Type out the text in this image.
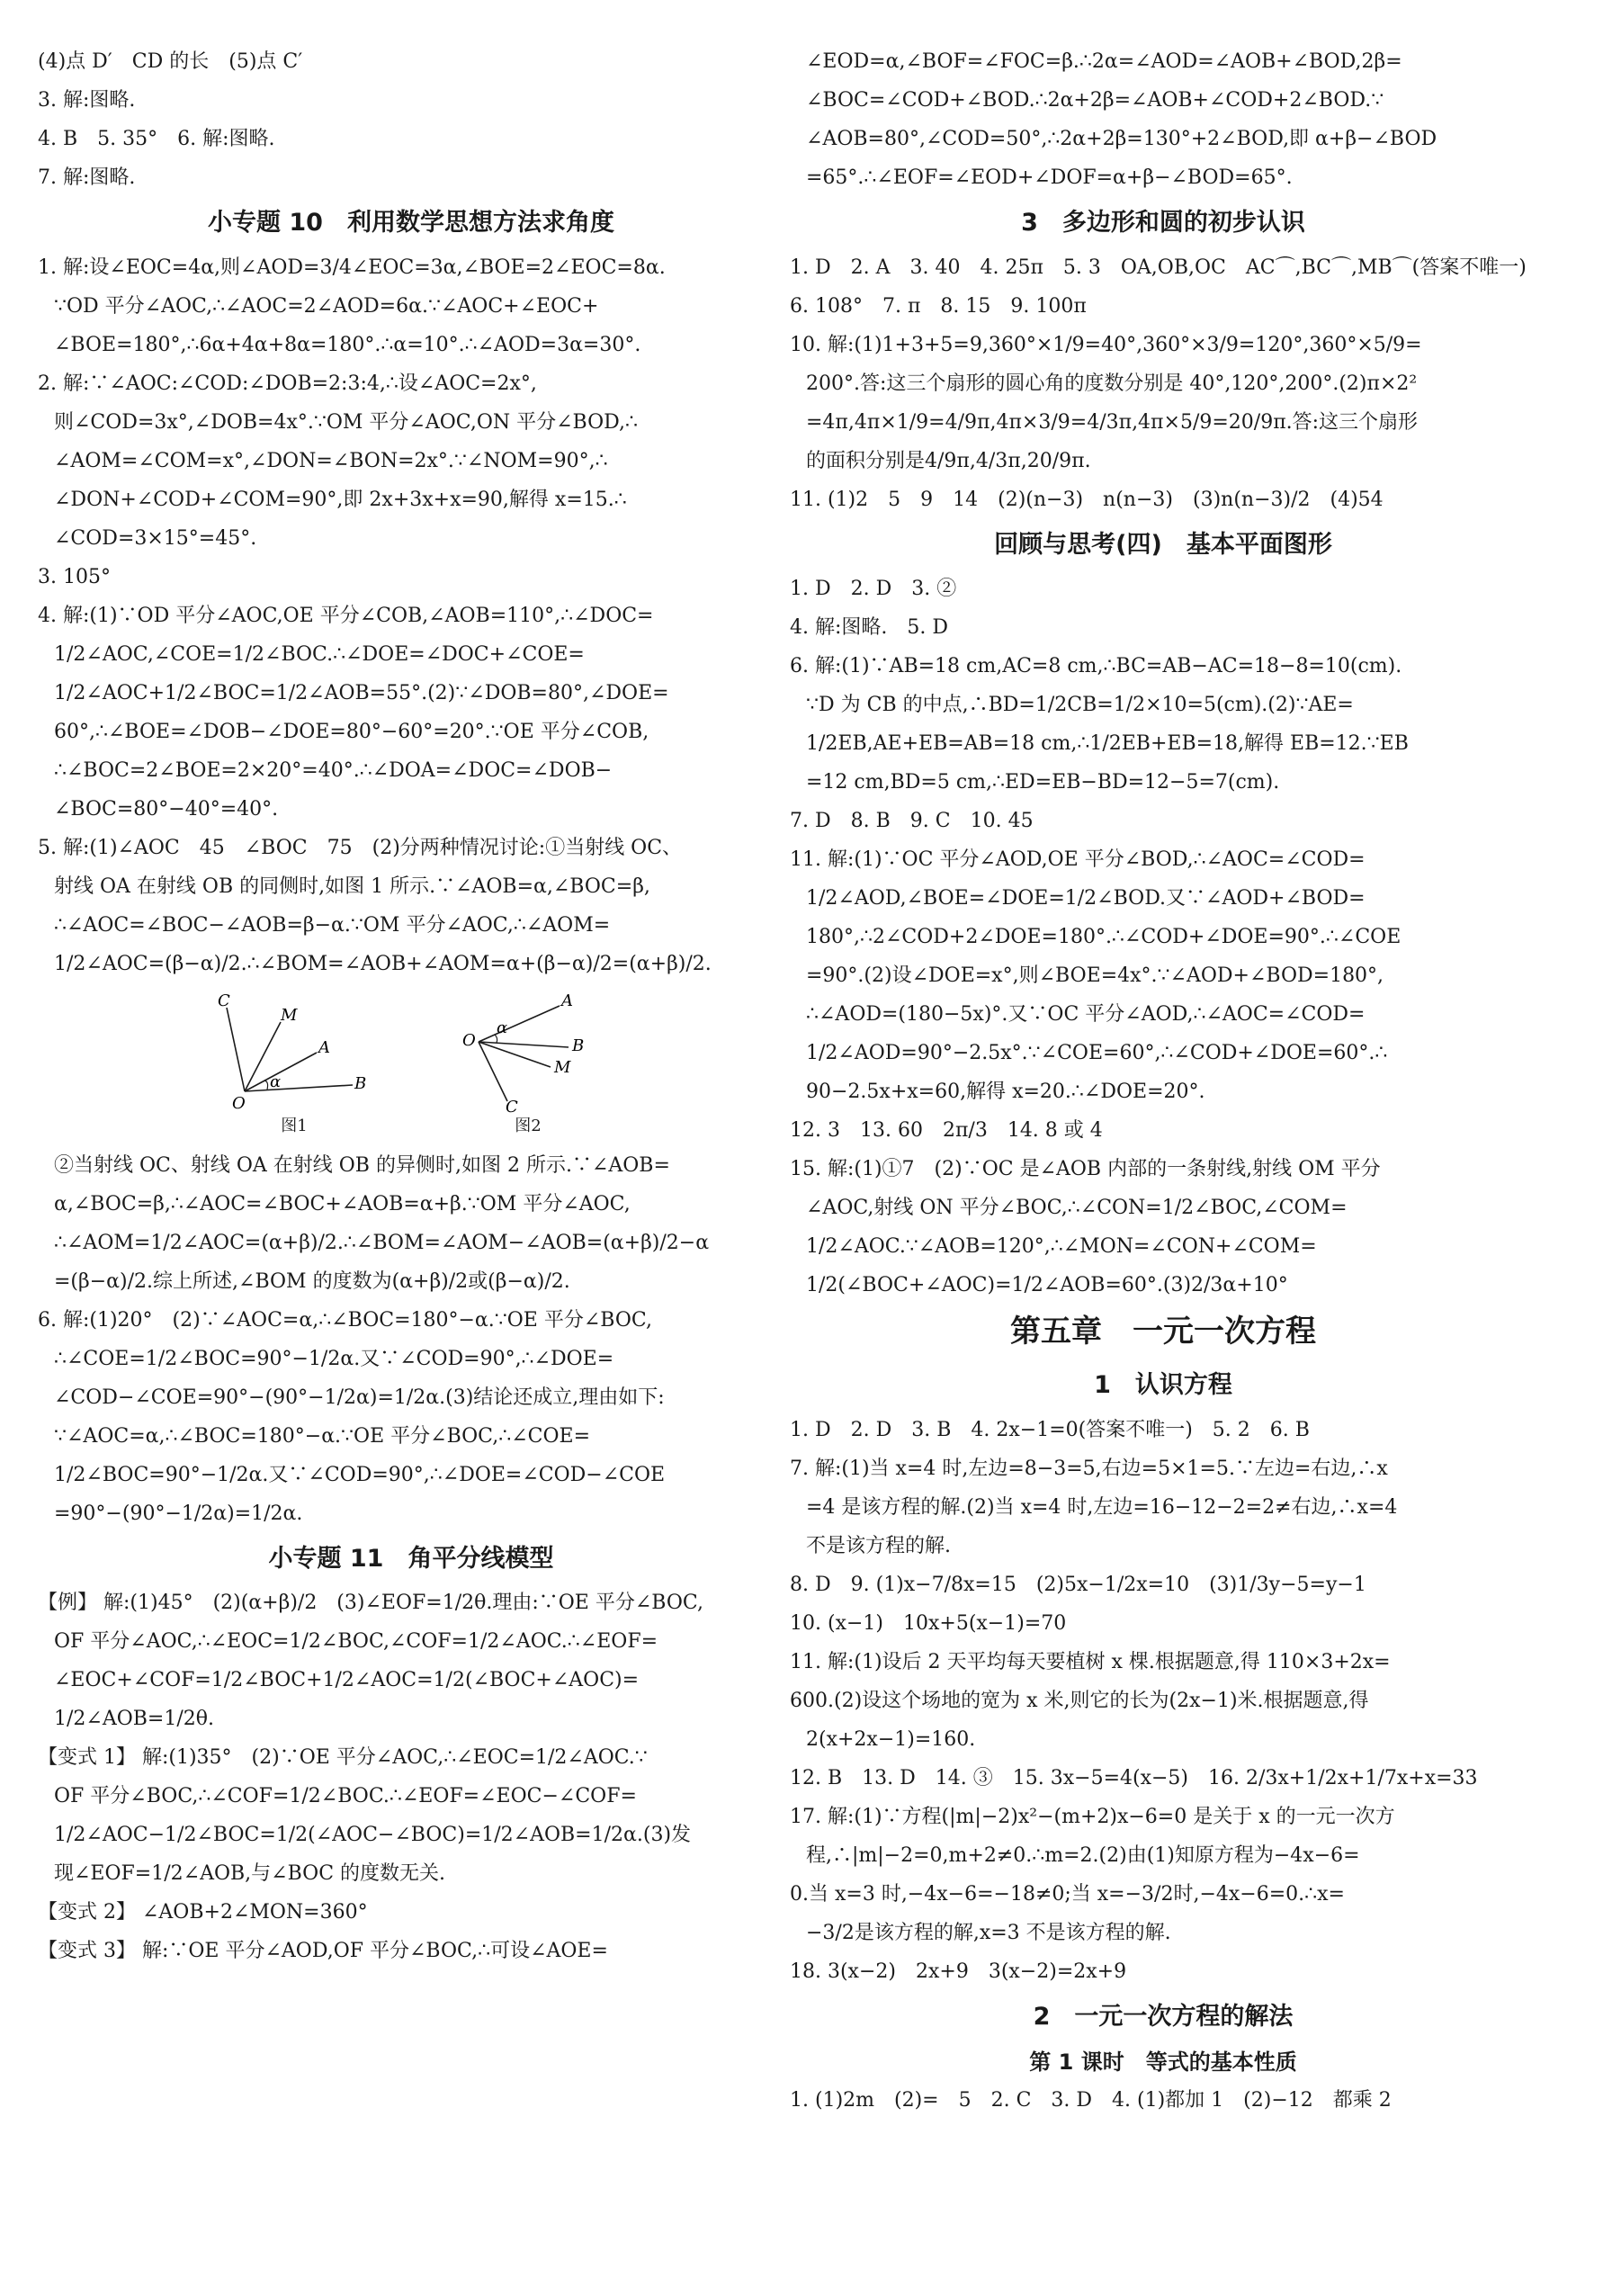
(4)点 D′　CD 的长　(5)点 C′
3. 解:图略.
4. B　5. 35°　6. 解:图略.
7. 解:图略.
小专题 10　利用数学思想方法求角度
1. 解:设∠EOC=4α,则∠AOD=3/4∠EOC=3α,∠BOE=2∠EOC=8α.
∵OD 平分∠AOC,∴∠AOC=2∠AOD=6α.∵∠AOC+∠EOC+
∠BOE=180°,∴6α+4α+8α=180°.∴α=10°.∴∠AOD=3α=30°.
2. 解:∵∠AOC:∠COD:∠DOB=2:3:4,∴设∠AOC=2x°,
则∠COD=3x°,∠DOB=4x°.∵OM 平分∠AOC,ON 平分∠BOD,∴
∠AOM=∠COM=x°,∠DON=∠BON=2x°.∵∠NOM=90°,∴
∠DON+∠COD+∠COM=90°,即 2x+3x+x=90,解得 x=15.∴
∠COD=3×15°=45°.
3. 105°
4. 解:(1)∵OD 平分∠AOC,OE 平分∠COB,∠AOB=110°,∴∠DOC=
1/2∠AOC,∠COE=1/2∠BOC.∴∠DOE=∠DOC+∠COE=
1/2∠AOC+1/2∠BOC=1/2∠AOB=55°.(2)∵∠DOB=80°,∠DOE=
60°,∴∠BOE=∠DOB−∠DOE=80°−60°=20°.∵OE 平分∠COB,
∴∠BOC=2∠BOE=2×20°=40°.∴∠DOA=∠DOC=∠DOB−
∠BOC=80°−40°=40°.
5. 解:(1)∠AOC　45　∠BOC　75　(2)分两种情况讨论:①当射线 OC、
射线 OA 在射线 OB 的同侧时,如图 1 所示.∵∠AOB=α,∠BOC=β,
∴∠AOC=∠BOC−∠AOB=β−α.∵OM 平分∠AOC,∴∠AOM=
1/2∠AOC=(β−α)/2.∴∠BOM=∠AOB+∠AOM=α+(β−α)/2=(α+β)/2.
C
M
A
B
O
α
图1
A
B
M
C
O
α
图2
②当射线 OC、射线 OA 在射线 OB 的异侧时,如图 2 所示.∵∠AOB=
α,∠BOC=β,∴∠AOC=∠BOC+∠AOB=α+β.∵OM 平分∠AOC,
∴∠AOM=1/2∠AOC=(α+β)/2.∴∠BOM=∠AOM−∠AOB=(α+β)/2−α
=(β−α)/2.综上所述,∠BOM 的度数为(α+β)/2或(β−α)/2.
6. 解:(1)20°　(2)∵∠AOC=α,∴∠BOC=180°−α.∵OE 平分∠BOC,
∴∠COE=1/2∠BOC=90°−1/2α.又∵∠COD=90°,∴∠DOE=
∠COD−∠COE=90°−(90°−1/2α)=1/2α.(3)结论还成立,理由如下:
∵∠AOC=α,∴∠BOC=180°−α.∵OE 平分∠BOC,∴∠COE=
1/2∠BOC=90°−1/2α.又∵∠COD=90°,∴∠DOE=∠COD−∠COE
=90°−(90°−1/2α)=1/2α.
小专题 11　角平分线模型
【例】 解:(1)45°　(2)(α+β)/2　(3)∠EOF=1/2θ.理由:∵OE 平分∠BOC,
OF 平分∠AOC,∴∠EOC=1/2∠BOC,∠COF=1/2∠AOC.∴∠EOF=
∠EOC+∠COF=1/2∠BOC+1/2∠AOC=1/2(∠BOC+∠AOC)=
1/2∠AOB=1/2θ.
【变式 1】 解:(1)35°　(2)∵OE 平分∠AOC,∴∠EOC=1/2∠AOC.∵
OF 平分∠BOC,∴∠COF=1/2∠BOC.∴∠EOF=∠EOC−∠COF=
1/2∠AOC−1/2∠BOC=1/2(∠AOC−∠BOC)=1/2∠AOB=1/2α.(3)发
现∠EOF=1/2∠AOB,与∠BOC 的度数无关.
【变式 2】 ∠AOB+2∠MON=360°
【变式 3】 解:∵OE 平分∠AOD,OF 平分∠BOC,∴可设∠AOE=
∠EOD=α,∠BOF=∠FOC=β.∴2α=∠AOD=∠AOB+∠BOD,2β=
∠BOC=∠COD+∠BOD.∴2α+2β=∠AOB+∠COD+2∠BOD.∵
∠AOB=80°,∠COD=50°,∴2α+2β=130°+2∠BOD,即 α+β−∠BOD
=65°.∴∠EOF=∠EOD+∠DOF=α+β−∠BOD=65°.
3　多边形和圆的初步认识
1. D　2. A　3. 40　4. 25π　5. 3　OA,OB,OC　AC⌒,BC⌒,MB⌒(答案不唯一)
6. 108°　7. π　8. 15　9. 100π
10. 解:(1)1+3+5=9,360°×1/9=40°,360°×3/9=120°,360°×5/9=
200°.答:这三个扇形的圆心角的度数分别是 40°,120°,200°.(2)π×2²
=4π,4π×1/9=4/9π,4π×3/9=4/3π,4π×5/9=20/9π.答:这三个扇形
的面积分别是4/9π,4/3π,20/9π.
11. (1)2　5　9　14　(2)(n−3)　n(n−3)　(3)n(n−3)/2　(4)54
回顾与思考(四)　基本平面图形
1. D　2. D　3. ②
4. 解:图略.　5. D
6. 解:(1)∵AB=18 cm,AC=8 cm,∴BC=AB−AC=18−8=10(cm).
∵D 为 CB 的中点,∴BD=1/2CB=1/2×10=5(cm).(2)∵AE=
1/2EB,AE+EB=AB=18 cm,∴1/2EB+EB=18,解得 EB=12.∵EB
=12 cm,BD=5 cm,∴ED=EB−BD=12−5=7(cm).
7. D　8. B　9. C　10. 45
11. 解:(1)∵OC 平分∠AOD,OE 平分∠BOD,∴∠AOC=∠COD=
1/2∠AOD,∠BOE=∠DOE=1/2∠BOD.又∵∠AOD+∠BOD=
180°,∴2∠COD+2∠DOE=180°.∴∠COD+∠DOE=90°.∴∠COE
=90°.(2)设∠DOE=x°,则∠BOE=4x°.∵∠AOD+∠BOD=180°,
∴∠AOD=(180−5x)°.又∵OC 平分∠AOD,∴∠AOC=∠COD=
1/2∠AOD=90°−2.5x°.∵∠COE=60°,∴∠COD+∠DOE=60°.∴
90−2.5x+x=60,解得 x=20.∴∠DOE=20°.
12. 3　13. 60　2π/3　14. 8 或 4
15. 解:(1)①7　(2)∵OC 是∠AOB 内部的一条射线,射线 OM 平分
∠AOC,射线 ON 平分∠BOC,∴∠CON=1/2∠BOC,∠COM=
1/2∠AOC.∵∠AOB=120°,∴∠MON=∠CON+∠COM=
1/2(∠BOC+∠AOC)=1/2∠AOB=60°.(3)2/3α+10°
第五章　一元一次方程
1　认识方程
1. D　2. D　3. B　4. 2x−1=0(答案不唯一)　5. 2　6. B
7. 解:(1)当 x=4 时,左边=8−3=5,右边=5×1=5.∵左边=右边,∴x
=4 是该方程的解.(2)当 x=4 时,左边=16−12−2=2≠右边,∴x=4
不是该方程的解.
8. D　9. (1)x−7/8x=15　(2)5x−1/2x=10　(3)1/3y−5=y−1
10. (x−1)　10x+5(x−1)=70
11. 解:(1)设后 2 天平均每天要植树 x 棵.根据题意,得 110×3+2x=
600.(2)设这个场地的宽为 x 米,则它的长为(2x−1)米.根据题意,得
2(x+2x−1)=160.
12. B　13. D　14. ③　15. 3x−5=4(x−5)　16. 2/3x+1/2x+1/7x+x=33
17. 解:(1)∵方程(|m|−2)x²−(m+2)x−6=0 是关于 x 的一元一次方
程,∴|m|−2=0,m+2≠0.∴m=2.(2)由(1)知原方程为−4x−6=
0.当 x=3 时,−4x−6=−18≠0;当 x=−3/2时,−4x−6=0.∴x=
−3/2是该方程的解,x=3 不是该方程的解.
18. 3(x−2)　2x+9　3(x−2)=2x+9
2　一元一次方程的解法
第 1 课时　等式的基本性质
1. (1)2m　(2)=　5　2. C　3. D　4. (1)都加 1　(2)−12　都乘 2
